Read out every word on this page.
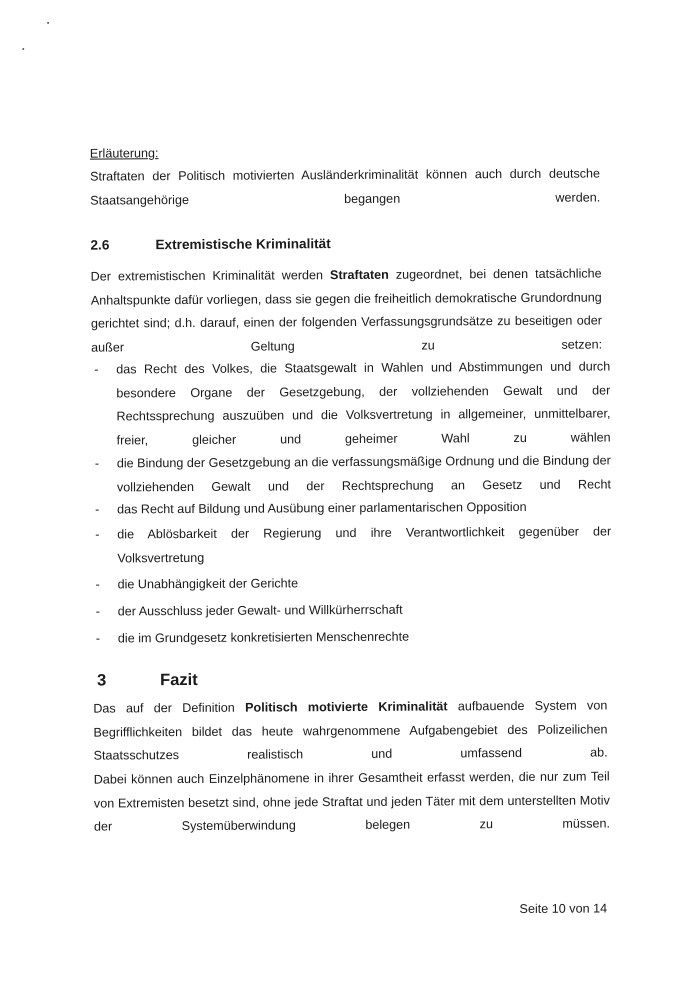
Erläuterung:
Straftaten der Politisch motivierten Ausländerkriminalität können auch durch deutsche Staatsangehörige begangen werden.
2.6	Extremistische Kriminalität
Der extremistischen Kriminalität werden Straftaten zugeordnet, bei denen tatsächliche Anhaltspunkte dafür vorliegen, dass sie gegen die freiheitlich demokratische Grundordnung gerichtet sind; d.h. darauf, einen der folgenden Verfassungsgrundsätze zu beseitigen oder außer Geltung zu setzen:
-	das Recht des Volkes, die Staatsgewalt in Wahlen und Abstimmungen und durch besondere Organe der Gesetzgebung, der vollziehenden Gewalt und der Rechtssprechung auszuüben und die Volksvertretung in allgemeiner, unmittelbarer, freier, gleicher und geheimer Wahl zu wählen
-	die Bindung der Gesetzgebung an die verfassungsmäßige Ordnung und die Bindung der vollziehenden Gewalt und der Rechtsprechung an Gesetz und Recht
-	das Recht auf Bildung und Ausübung einer parlamentarischen Opposition
-	die Ablösbarkeit der Regierung und ihre Verantwortlichkeit gegenüber der Volksvertretung
-	die Unabhängigkeit der Gerichte
-	der Ausschluss jeder Gewalt- und Willkürherrschaft
-	die im Grundgesetz konkretisierten Menschenrechte
3	Fazit
Das auf der Definition Politisch motivierte Kriminalität aufbauende System von Begrifflichkeiten bildet das heute wahrgenommene Aufgabengebiet des Polizeilichen Staatsschutzes realistisch und umfassend ab.
Dabei können auch Einzelphänomene in ihrer Gesamtheit erfasst werden, die nur zum Teil von Extremisten besetzt sind, ohne jede Straftat und jeden Täter mit dem unterstellten Motiv der Systemüberwindung belegen zu müssen.
Seite 10 von 14
